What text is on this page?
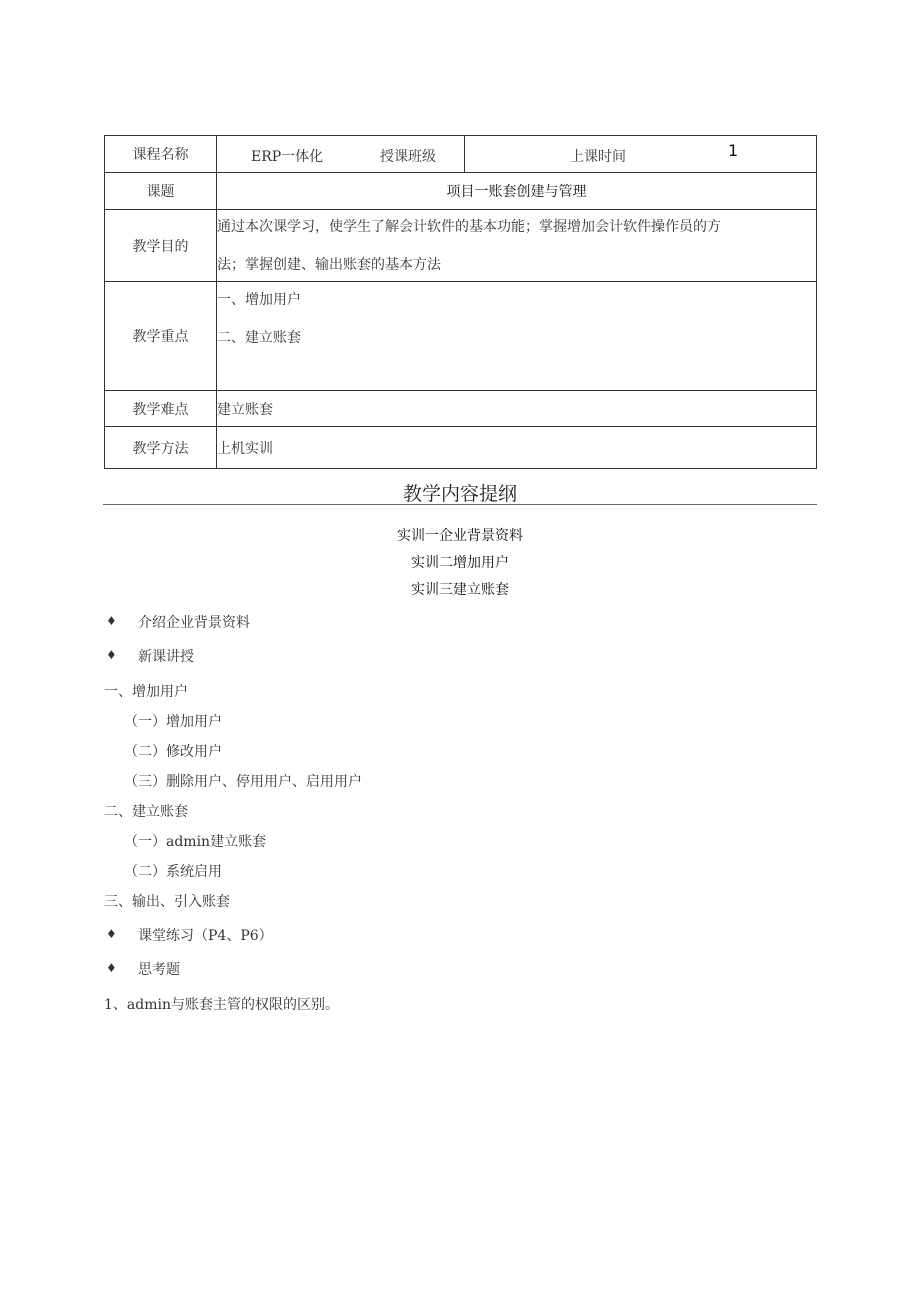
课程名称	ERP一体化 授课班级	上课时间 1

课题	项目一账套创建与管理	
教学目的	通过本次课学习，使学生了解会计软件的基本功能；掌握增加会计软件操作员的方
法；掌握创建、输出账套的基本方法	

教学重点	一、增加用户
二、建立账套	

教学难点	建立账套	
教学方法	上机实训	
教学内容提纲
实训一企业背景资料
实训二增加用户
实训三建立账套
♦ 介绍企业背景资料
♦ 新课讲授
一、增加用户
（一）增加用户
（二）修改用户
（三）删除用户、停用用户、启用用户
二、建立账套
（一）admin建立账套
（二）系统启用
三、输出、引入账套
♦ 课堂练习（P4、P6）
♦ 思考题
1、admin与账套主管的权限的区别。
